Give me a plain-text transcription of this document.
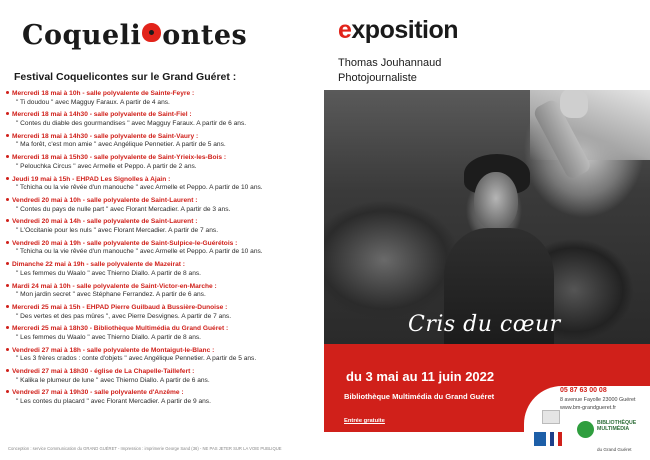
Coqueli ontes
Festival Coquelicontes sur le Grand Guéret :
Mercredi 18 mai à 10h - salle polyvalente de Sainte-Feyre :
" Ti doudou " avec Magguy Faraux. A partir de 4 ans.
Mercredi 18 mai à 14h30 - salle polyvalente de Saint-Fiel :
" Contes du diable des gourmandises " avec Magguy Faraux. A partir de 6 ans.
Mercredi 18 mai à 14h30 - salle polyvalente de Saint-Vaury :
" Ma forêt, c'est mon amie " avec Angélique Pennetier. A partir de 5 ans.
Mercredi 18 mai à 15h30 - salle polyvalente de Saint-Yrieix-les-Bois :
" Pelouchka Circus " avec Armelle et Peppo. A partir de 2 ans.
Jeudi 19 mai à 15h - EHPAD Les Signolles à Ajain :
" Tchicha ou la vie rêvée d'un manouche " avec Armelle et Peppo. A partir de 10 ans.
Vendredi 20 mai à 10h - salle polyvalente de Saint-Laurent :
" Contes du pays de nulle part " avec Florant Mercadier. A partir de 3 ans.
Vendredi 20 mai à 14h - salle polyvalente de Saint-Laurent :
" L'Occitanie pour les nuls " avec Florant Mercadier. A partir de 7 ans.
Vendredi 20 mai à 19h - salle polyvalente de Saint-Sulpice-le-Guérétois :
" Tchicha ou la vie rêvée d'un manouche " avec Armelle et Peppo. A partir de 10 ans.
Dimanche 22 mai à 19h - salle polyvalente de Mazeirat :
" Les femmes du Waalo " avec Thierno Diallo. A partir de 8 ans.
Mardi 24 mai à 10h - salle polyvalente de Saint-Victor-en-Marche :
" Mon jardin secret " avec Stéphane Ferrandez. A partir de 6 ans.
Mercredi 25 mai à 15h - EHPAD Pierre Guilbaud à Bussière-Dunoise :
" Des vertes et des pas mûres ", avec Pierre Desvignes. A partir de 7 ans.
Mercredi 25 mai à 18h30 - Bibliothèque Multimédia du Grand Guéret :
" Les femmes du Waalo " avec Thierno Diallo. A partir de 8 ans.
Vendredi 27 mai à 18h - salle polyvalente de Montaigut-le-Blanc :
" Les 3 frères crados : conte d'objets " avec Angélique Pennetier. A partir de 5 ans.
Vendredi 27 mai à 18h30 - église de La Chapelle-Taillefert :
" Kalika le plumeur de lune " avec Thierno Diallo. A partir de 6 ans.
Vendredi 27 mai à 19h30 - salle polyvalente d'Anzême :
" Les contes du placard " avec Florant Mercadier. A partir de 9 ans.
Conception : service Communication du GRAND GUÉRET - Impression : imprimerie George Sand (36) - NE PAS JETER SUR LA VOIE PUBLIQUE
exposition
Thomas Jouhannaud
Photojournaliste
Cris du cœur
du 3 mai au 11 juin 2022
Bibliothèque Multimédia du Grand Guéret
Entrée gratuite
05 87 63 00 08
8 avenue Fayolle 23000 Guéret
www.bm-grandgueret.fr
BIBLIOTHÈQUE
MULTIMÉDIA
du Grand Guéret
